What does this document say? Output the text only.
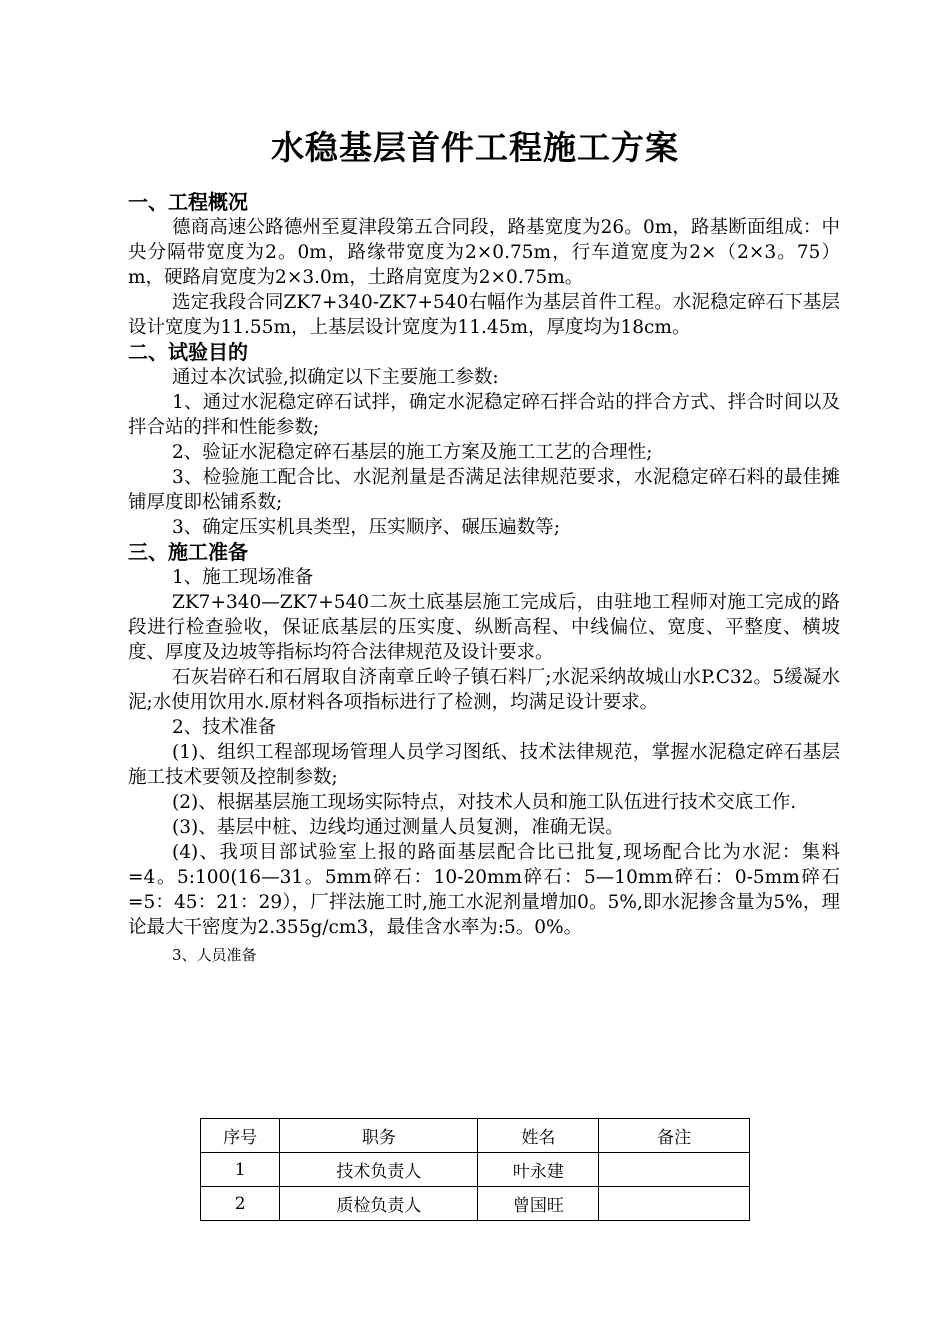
水稳基层首件工程施工方案
一、工程概况
德商高速公路德州至夏津段第五合同段，路基宽度为26。0m，路基断面组成：中央分隔带宽度为2。0m，路缘带宽度为2×0.75m，行车道宽度为2×（2×3。75）m，硬路肩宽度为2×3.0m，土路肩宽度为2×0.75m。
选定我段合同ZK7+340-ZK7+540右幅作为基层首件工程。水泥稳定碎石下基层设计宽度为11.55m，上基层设计宽度为11.45m，厚度均为18cm。
二、试验目的
通过本次试验,拟确定以下主要施工参数:
1、通过水泥稳定碎石试拌，确定水泥稳定碎石拌合站的拌合方式、拌合时间以及拌合站的拌和性能参数;
2、验证水泥稳定碎石基层的施工方案及施工工艺的合理性;
3、检验施工配合比、水泥剂量是否满足法律规范要求，水泥稳定碎石料的最佳摊铺厚度即松铺系数;
3、确定压实机具类型，压实顺序、碾压遍数等;
三、施工准备
1、施工现场准备
ZK7+340—ZK7+540二灰土底基层施工完成后，由驻地工程师对施工完成的路段进行检查验收，保证底基层的压实度、纵断高程、中线偏位、宽度、平整度、横坡度、厚度及边坡等指标均符合法律规范及设计要求。
石灰岩碎石和石屑取自济南章丘岭子镇石料厂;水泥采纳故城山水P.C32。5缓凝水泥;水使用饮用水.原材料各项指标进行了检测，均满足设计要求。
2、技术准备
(1)、组织工程部现场管理人员学习图纸、技术法律规范，掌握水泥稳定碎石基层施工技术要领及控制参数;
(2)、根据基层施工现场实际特点，对技术人员和施工队伍进行技术交底工作.
(3)、基层中桩、边线均通过测量人员复测，准确无误。
(4)、我项目部试验室上报的路面基层配合比已批复,现场配合比为水泥：集料=4。5:100(16—31。5mm碎石：10-20mm碎石：5—10mm碎石：0-5mm碎石=5：45：21：29），厂拌法施工时,施工水泥剂量增加0。5%,即水泥掺含量为5%，理论最大干密度为2.355g/cm3，最佳含水率为:5。0%。
3、人员准备
序号	职务	姓名	备注
1	技术负责人	叶永建	
2	质检负责人	曾国旺	
